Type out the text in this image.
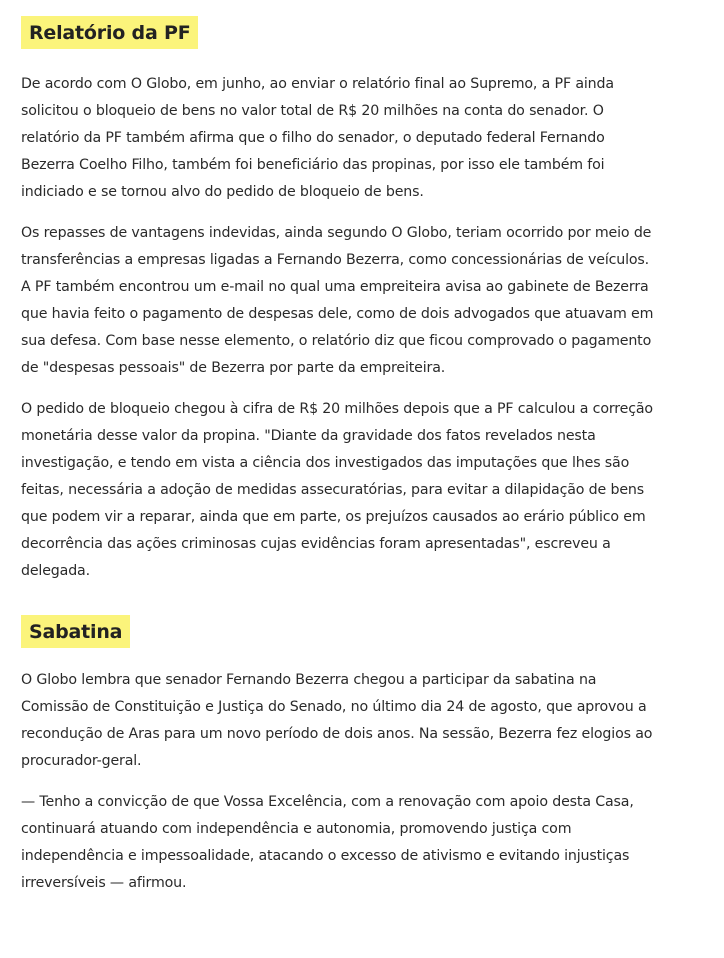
Relatório da PF

De acordo com O Globo, em junho, ao enviar o relatório final ao Supremo, a PF ainda solicitou o bloqueio de bens no valor total de R$ 20 milhões na conta do senador. O relatório da PF também afirma que o filho do senador, o deputado federal Fernando Bezerra Coelho Filho, também foi beneficiário das propinas, por isso ele também foi indiciado e se tornou alvo do pedido de bloqueio de bens.

Os repasses de vantagens indevidas, ainda segundo O Globo, teriam ocorrido por meio de transferências a empresas ligadas a Fernando Bezerra, como concessionárias de veículos. A PF também encontrou um e-mail no qual uma empreiteira avisa ao gabinete de Bezerra que havia feito o pagamento de despesas dele, como de dois advogados que atuavam em sua defesa. Com base nesse elemento, o relatório diz que ficou comprovado o pagamento de "despesas pessoais" de Bezerra por parte da empreiteira.

O pedido de bloqueio chegou à cifra de R$ 20 milhões depois que a PF calculou a correção monetária desse valor da propina. "Diante da gravidade dos fatos revelados nesta investigação, e tendo em vista a ciência dos investigados das imputações que lhes são feitas, necessária a adoção de medidas assecuratórias, para evitar a dilapidação de bens que podem vir a reparar, ainda que em parte, os prejuízos causados ao erário público em decorrência das ações criminosas cujas evidências foram apresentadas", escreveu a delegada.

Sabatina

O Globo lembra que senador Fernando Bezerra chegou a participar da sabatina na Comissão de Constituição e Justiça do Senado, no último dia 24 de agosto, que aprovou a recondução de Aras para um novo período de dois anos. Na sessão, Bezerra fez elogios ao procurador-geral.

— Tenho a convicção de que Vossa Excelência, com a renovação com apoio desta Casa, continuará atuando com independência e autonomia, promovendo justiça com independência e impessoalidade, atacando o excesso de ativismo e evitando injustiças irreversíveis — afirmou.
